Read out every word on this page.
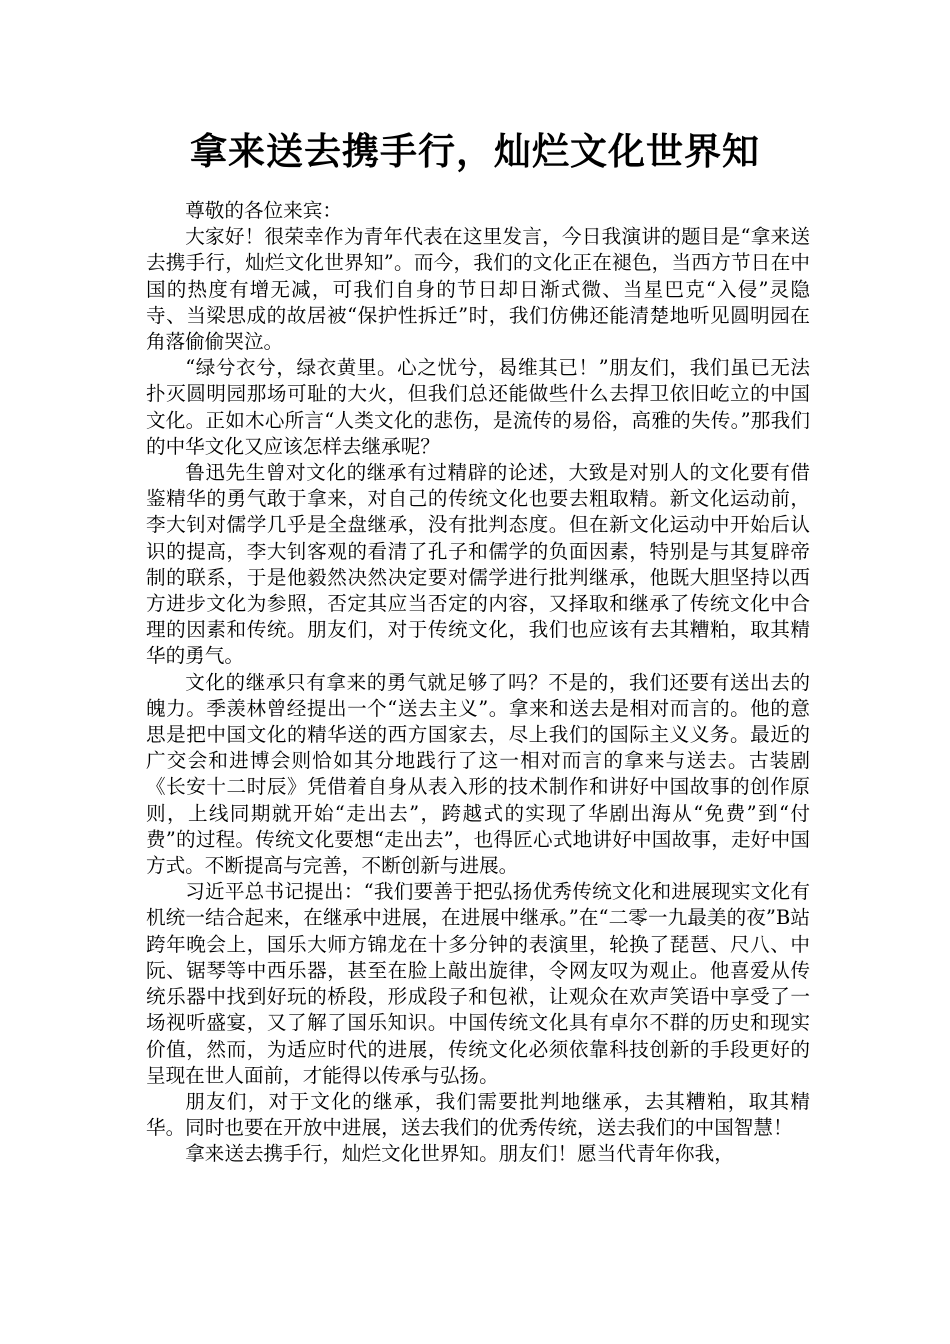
拿来送去携手行，灿烂文化世界知

尊敬的各位来宾：

大家好！很荣幸作为青年代表在这里发言，今日我演讲的题目是“拿来送去携手行，灿烂文化世界知”。而今，我们的文化正在褪色，当西方节日在中国的热度有增无减，可我们自身的节日却日渐式微、当星巴克“入侵”灵隐寺、当梁思成的故居被“保护性拆迁”时，我们仿佛还能清楚地听见圆明园在角落偷偷哭泣。

“绿兮衣兮，绿衣黄里。心之忧兮，曷维其已！”朋友们，我们虽已无法扑灭圆明园那场可耻的大火，但我们总还能做些什么去捍卫依旧屹立的中国文化。正如木心所言“人类文化的悲伤，是流传的易俗，高雅的失传。”那我们的中华文化又应该怎样去继承呢？

鲁迅先生曾对文化的继承有过精辟的论述，大致是对别人的文化要有借鉴精华的勇气敢于拿来，对自己的传统文化也要去粗取精。新文化运动前，李大钊对儒学几乎是全盘继承，没有批判态度。但在新文化运动中开始后认识的提高，李大钊客观的看清了孔子和儒学的负面因素，特别是与其复辟帝制的联系，于是他毅然决然决定要对儒学进行批判继承，他既大胆坚持以西方进步文化为参照，否定其应当否定的内容，又择取和继承了传统文化中合理的因素和传统。朋友们，对于传统文化，我们也应该有去其糟粕，取其精华的勇气。

文化的继承只有拿来的勇气就足够了吗？不是的，我们还要有送出去的魄力。季羡林曾经提出一个“送去主义”。拿来和送去是相对而言的。他的意思是把中国文化的精华送的西方国家去，尽上我们的国际主义义务。最近的广交会和进博会则恰如其分地践行了这一相对而言的拿来与送去。古装剧《长安十二时辰》凭借着自身从表入形的技术制作和讲好中国故事的创作原则，上线同期就开始“走出去”，跨越式的实现了华剧出海从“免费”到“付费”的过程。传统文化要想“走出去”，也得匠心式地讲好中国故事，走好中国方式。不断提高与完善，不断创新与进展。

习近平总书记提出：“我们要善于把弘扬优秀传统文化和进展现实文化有机统一结合起来，在继承中进展，在进展中继承。”在“二零一九最美的夜”B站跨年晚会上，国乐大师方锦龙在十多分钟的表演里，轮换了琵琶、尺八、中阮、锯琴等中西乐器，甚至在脸上敲出旋律，令网友叹为观止。他喜爱从传统乐器中找到好玩的桥段，形成段子和包袱，让观众在欢声笑语中享受了一场视听盛宴，又了解了国乐知识。中国传统文化具有卓尔不群的历史和现实价值，然而，为适应时代的进展，传统文化必须依靠科技创新的手段更好的呈现在世人面前，才能得以传承与弘扬。

朋友们，对于文化的继承，我们需要批判地继承，去其糟粕，取其精华。同时也要在开放中进展，送去我们的优秀传统，送去我们的中国智慧！

拿来送去携手行，灿烂文化世界知。朋友们！愿当代青年你我，
